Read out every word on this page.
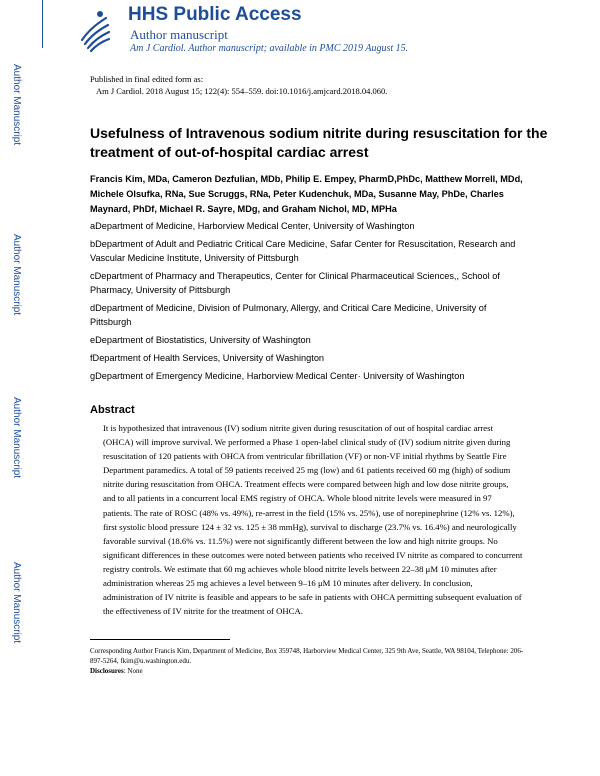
Author Manuscript
Author Manuscript
Author Manuscript
Author Manuscript
HHS Public Access
Author manuscript
Am J Cardiol. Author manuscript; available in PMC 2019 August 15.
Published in final edited form as:
Am J Cardiol. 2018 August 15; 122(4): 554–559. doi:10.1016/j.amjcard.2018.04.060.
Usefulness of Intravenous sodium nitrite during resuscitation for the treatment of out-of-hospital cardiac arrest
Francis Kim, MDa, Cameron Dezfulian, MDb, Philip E. Empey, PharmD,PhDc, Matthew Morrell, MDd, Michele Olsufka, RNa, Sue Scruggs, RNa, Peter Kudenchuk, MDa, Susanne May, PhDe, Charles Maynard, PhDf, Michael R. Sayre, MDg, and Graham Nichol, MD, MPHa
aDepartment of Medicine, Harborview Medical Center, University of Washington
bDepartment of Adult and Pediatric Critical Care Medicine, Safar Center for Resuscitation, Research and Vascular Medicine Institute, University of Pittsburgh
cDepartment of Pharmacy and Therapeutics, Center for Clinical Pharmaceutical Sciences,, School of Pharmacy, University of Pittsburgh
dDepartment of Medicine, Division of Pulmonary, Allergy, and Critical Care Medicine, University of Pittsburgh
eDepartment of Biostatistics, University of Washington
fDepartment of Health Services, University of Washington
gDepartment of Emergency Medicine, Harborview Medical Center· University of Washington
Abstract
It is hypothesized that intravenous (IV) sodium nitrite given during resuscitation of out of hospital cardiac arrest (OHCA) will improve survival. We performed a Phase 1 open-label clinical study of (IV) sodium nitrite given during resuscitation of 120 patients with OHCA from ventricular fibrillation (VF) or non-VF initial rhythms by Seattle Fire Department paramedics. A total of 59 patients received 25 mg (low) and 61 patients received 60 mg (high) of sodium nitrite during resuscitation from OHCA. Treatment effects were compared between high and low dose nitrite groups, and to all patients in a concurrent local EMS registry of OHCA. Whole blood nitrite levels were measured in 97 patients. The rate of ROSC (48% vs. 49%), re-arrest in the field (15% vs. 25%), use of norepinephrine (12% vs. 12%), first systolic blood pressure 124 ± 32 vs. 125 ± 38 mmHg), survival to discharge (23.7% vs. 16.4%) and neurologically favorable survival (18.6% vs. 11.5%) were not significantly different between the low and high nitrite groups. No significant differences in these outcomes were noted between patients who received IV nitrite as compared to concurrent registry controls. We estimate that 60 mg achieves whole blood nitrite levels between 22–38 μM 10 minutes after administration whereas 25 mg achieves a level between 9–16 μM 10 minutes after delivery. In conclusion, administration of IV nitrite is feasible and appears to be safe in patients with OHCA permitting subsequent evaluation of the effectiveness of IV nitrite for the treatment of OHCA.
Corresponding Author Francis Kim, Department of Medicine, Box 359748, Harborview Medical Center, 325 9th Ave, Seattle, WA 98104, Telephone: 206-897-5264, fkim@u.washington.edu.
Disclosures: None
